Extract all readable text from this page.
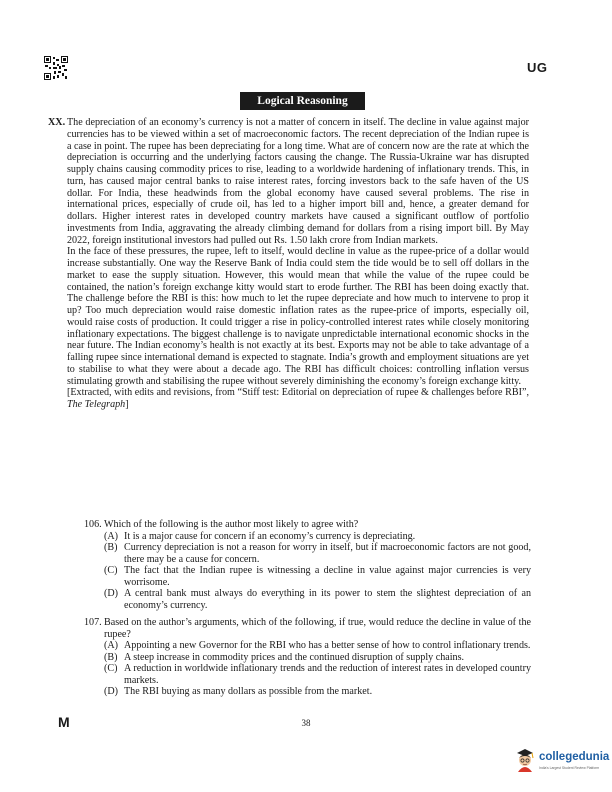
UG
Logical Reasoning
XX. The depreciation of an economy’s currency is not a matter of concern in itself. The decline in value against major currencies has to be viewed within a set of macroeconomic factors. The recent depreciation of the Indian rupee is a case in point. The rupee has been depreciating for a long time. What are of concern now are the rate at which the depreciation is occurring and the underlying factors causing the change. The Russia-Ukraine war has disrupted supply chains causing commodity prices to rise, leading to a worldwide hardening of inflationary trends. This, in turn, has caused major central banks to raise interest rates, forcing investors back to the safe haven of the US dollar. For India, these headwinds from the global economy have caused several problems. The rise in international prices, especially of crude oil, has led to a higher import bill and, hence, a greater demand for dollars. Higher interest rates in developed country markets have caused a significant outflow of portfolio investments from India, aggravating the already climbing demand for dollars from a rising import bill. By May 2022, foreign institutional investors had pulled out Rs. 1.50 lakh crore from Indian markets.

In the face of these pressures, the rupee, left to itself, would decline in value as the rupee-price of a dollar would increase substantially. One way the Reserve Bank of India could stem the tide would be to sell off dollars in the market to ease the supply situation. However, this would mean that while the value of the rupee could be contained, the nation’s foreign exchange kitty would start to erode further. The RBI has been doing exactly that. The challenge before the RBI is this: how much to let the rupee depreciate and how much to intervene to prop it up? Too much depreciation would raise domestic inflation rates as the rupee-price of imports, especially oil, would raise costs of production. It could trigger a rise in policy-controlled interest rates while closely monitoring inflationary expectations. The biggest challenge is to navigate unpredictable international economic shocks in the near future. The Indian economy’s health is not exactly at its best. Exports may not be able to take advantage of a falling rupee since international demand is expected to stagnate. India’s growth and employment situations are yet to stabilise to what they were about a decade ago. The RBI has difficult choices: controlling inflation versus stimulating growth and stabilising the rupee without severely diminishing the economy’s foreign exchange kitty.

[Extracted, with edits and revisions, from “Stiff test: Editorial on depreciation of rupee & challenges before RBI”, The Telegraph]

106. Which of the following is the author most likely to agree with?
(A) It is a major cause for concern if an economy’s currency is depreciating.
(B) Currency depreciation is not a reason for worry in itself, but if macroeconomic factors are not good, there may be a cause for concern.
(C) The fact that the Indian rupee is witnessing a decline in value against major currencies is very worrisome.
(D) A central bank must always do everything in its power to stem the slightest depreciation of an economy’s currency.
107. Based on the author’s arguments, which of the following, if true, would reduce the decline in value of the rupee?
(A) Appointing a new Governor for the RBI who has a better sense of how to control inflationary trends.
(B) A steep increase in commodity prices and the continued disruption of supply chains.
(C) A reduction in worldwide inflationary trends and the reduction of interest rates in developed country markets.
(D) The RBI buying as many dollars as possible from the market.
M	38
collegedunia
India's Largest Student Review Platform
